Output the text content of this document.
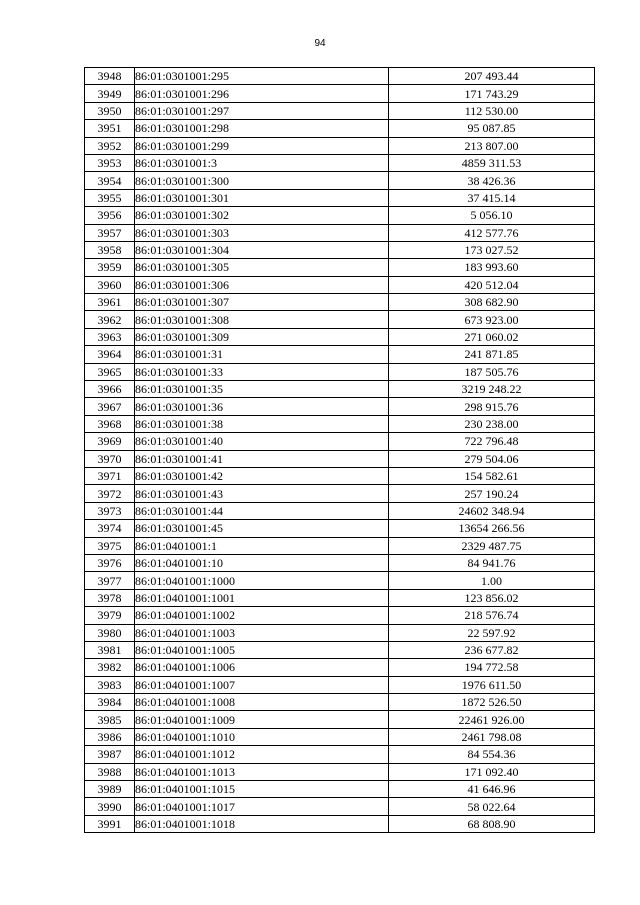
94
3948	86:01:0301001:295	207 493.44
3949	86:01:0301001:296	171 743.29
3950	86:01:0301001:297	112 530.00
3951	86:01:0301001:298	95 087.85
3952	86:01:0301001:299	213 807.00
3953	86:01:0301001:3	4859 311.53
3954	86:01:0301001:300	38 426.36
3955	86:01:0301001:301	37 415.14
3956	86:01:0301001:302	5 056.10
3957	86:01:0301001:303	412 577.76
3958	86:01:0301001:304	173 027.52
3959	86:01:0301001:305	183 993.60
3960	86:01:0301001:306	420 512.04
3961	86:01:0301001:307	308 682.90
3962	86:01:0301001:308	673 923.00
3963	86:01:0301001:309	271 060.02
3964	86:01:0301001:31	241 871.85
3965	86:01:0301001:33	187 505.76
3966	86:01:0301001:35	3219 248.22
3967	86:01:0301001:36	298 915.76
3968	86:01:0301001:38	230 238.00
3969	86:01:0301001:40	722 796.48
3970	86:01:0301001:41	279 504.06
3971	86:01:0301001:42	154 582.61
3972	86:01:0301001:43	257 190.24
3973	86:01:0301001:44	24602 348.94
3974	86:01:0301001:45	13654 266.56
3975	86:01:0401001:1	2329 487.75
3976	86:01:0401001:10	84 941.76
3977	86:01:0401001:1000	1.00
3978	86:01:0401001:1001	123 856.02
3979	86:01:0401001:1002	218 576.74
3980	86:01:0401001:1003	22 597.92
3981	86:01:0401001:1005	236 677.82
3982	86:01:0401001:1006	194 772.58
3983	86:01:0401001:1007	1976 611.50
3984	86:01:0401001:1008	1872 526.50
3985	86:01:0401001:1009	22461 926.00
3986	86:01:0401001:1010	2461 798.08
3987	86:01:0401001:1012	84 554.36
3988	86:01:0401001:1013	171 092.40
3989	86:01:0401001:1015	41 646.96
3990	86:01:0401001:1017	58 022.64
3991	86:01:0401001:1018	68 808.90
